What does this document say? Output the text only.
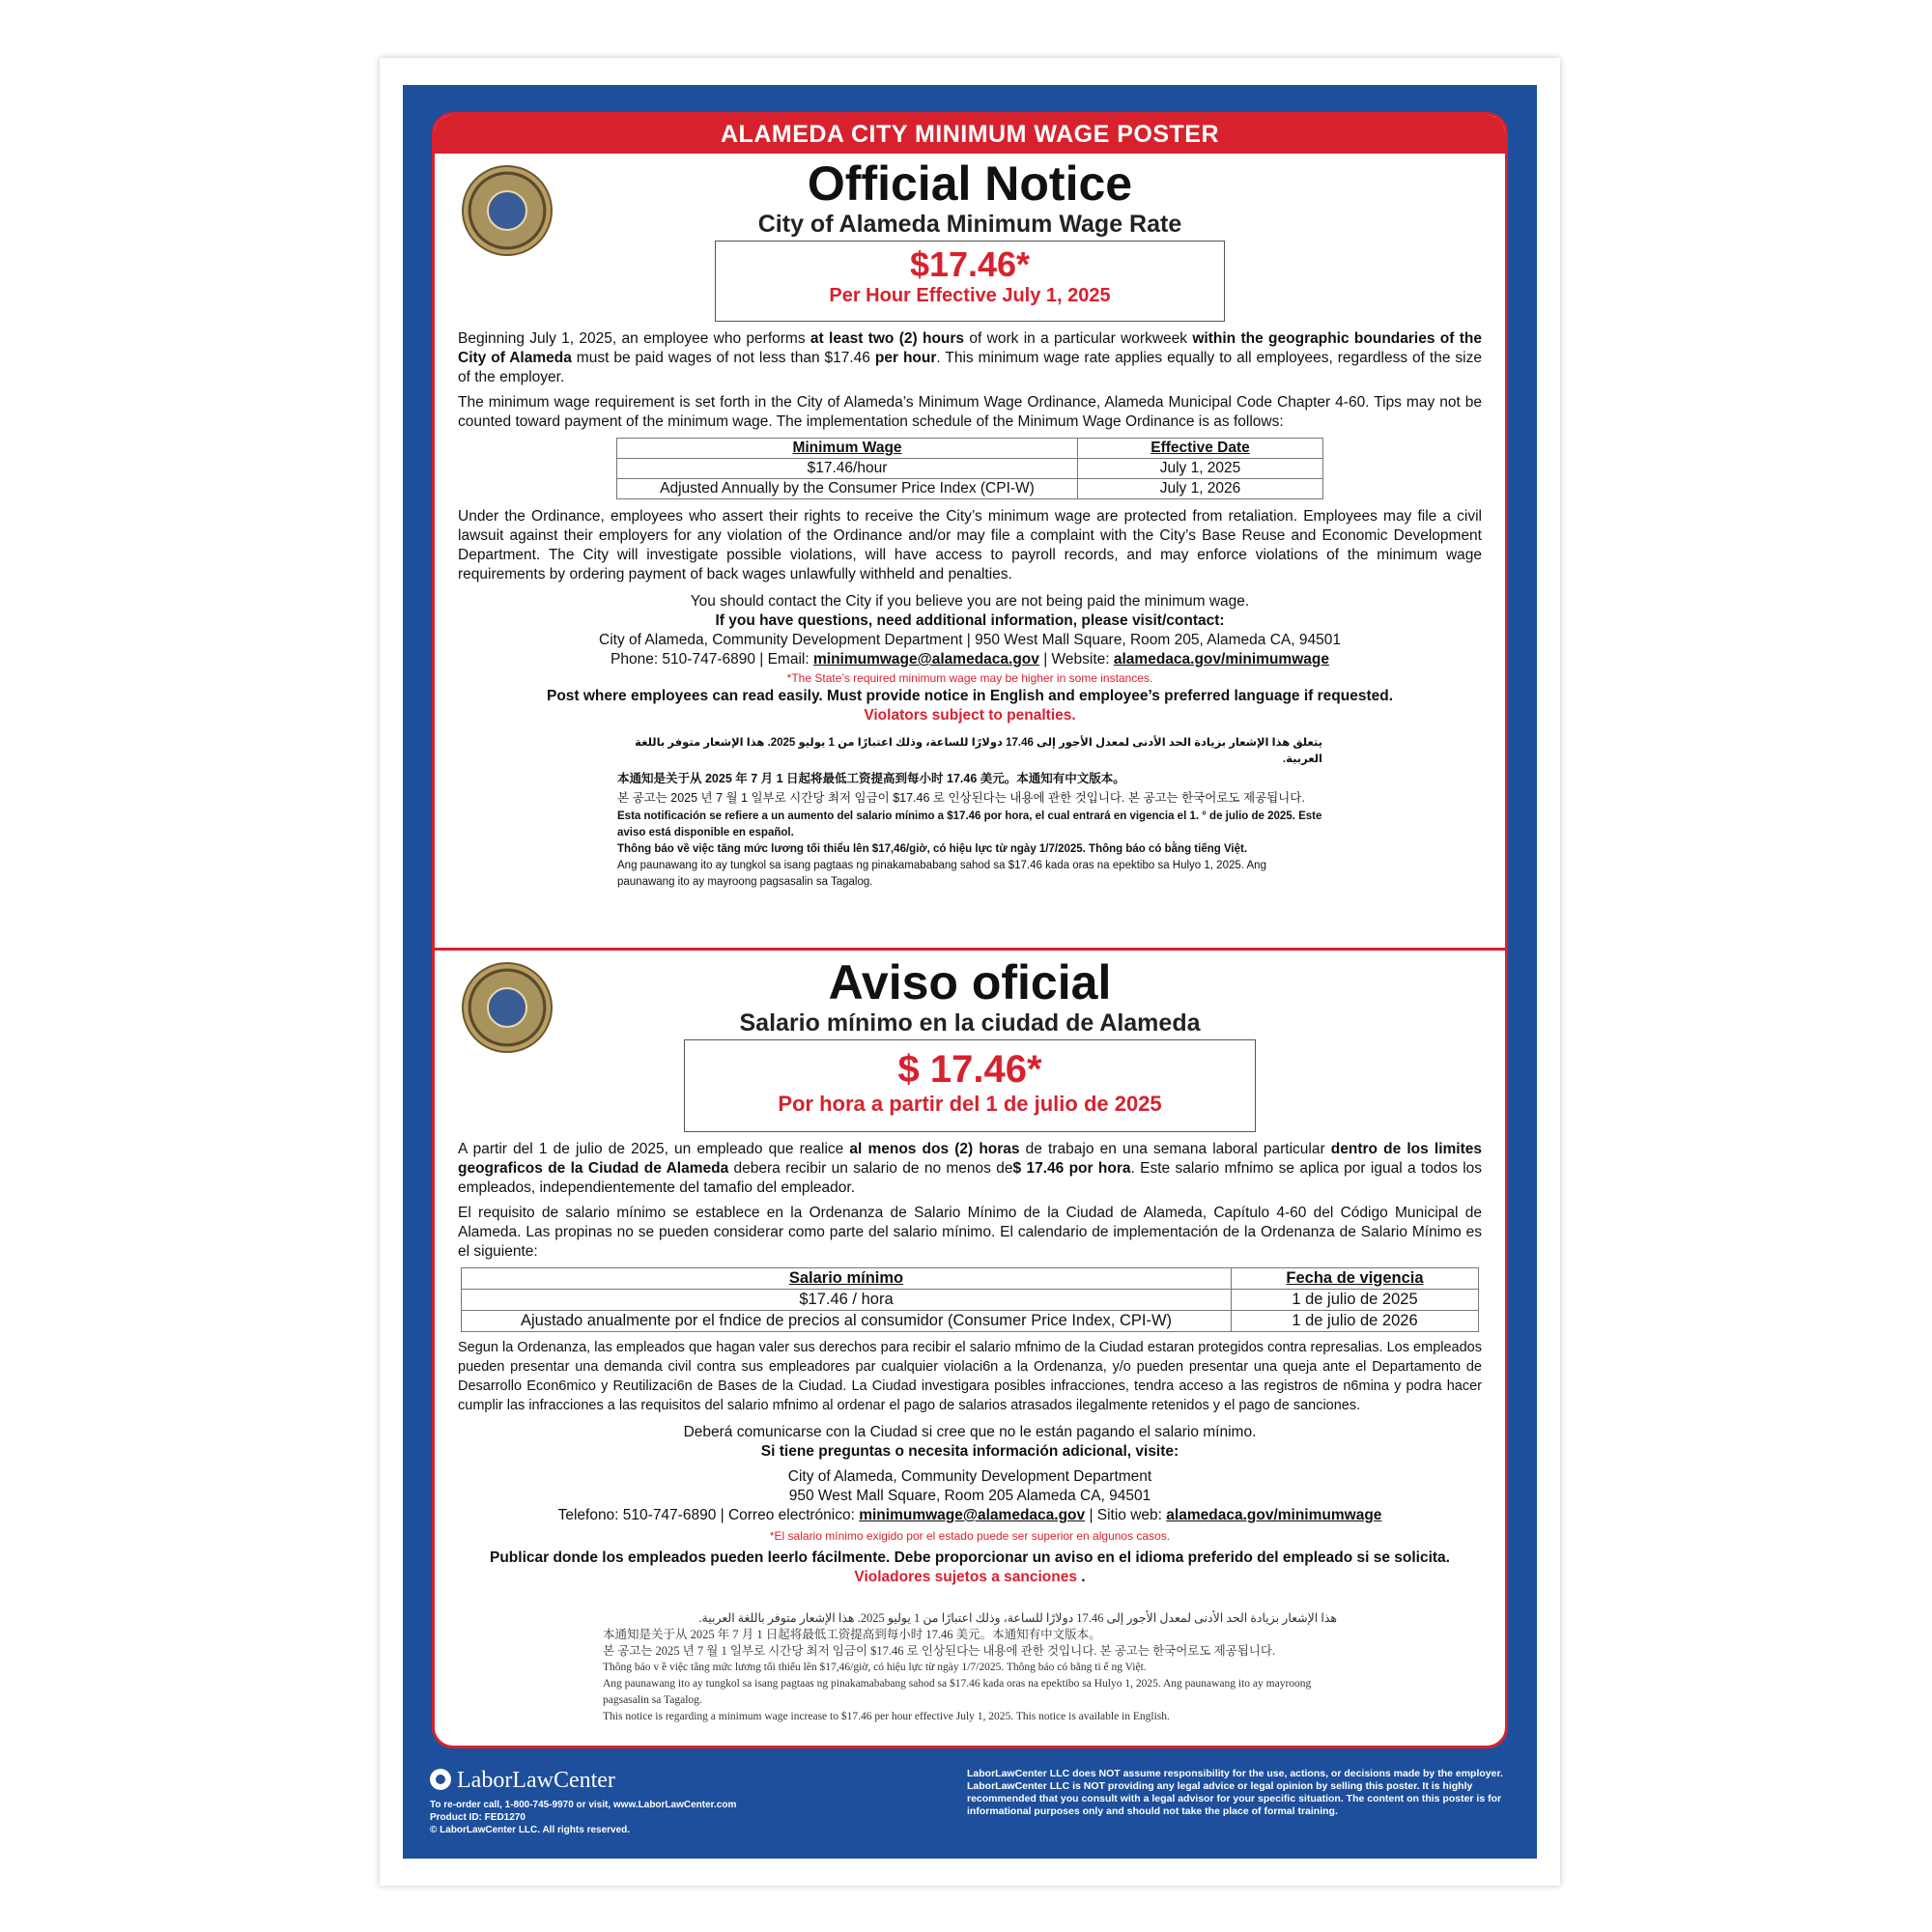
ALAMEDA CITY MINIMUM WAGE POSTER
Official Notice
City of Alameda Minimum Wage Rate
$17.46*
Per Hour Effective July 1, 2025

Beginning July 1, 2025, an employee who performs at least two (2) hours of work in a particular workweek within the geographic boundaries of the City of Alameda must be paid wages of not less than $17.46 per hour. This minimum wage rate applies equally to all employees, regardless of the size of the employer.

The minimum wage requirement is set forth in the City of Alameda’s Minimum Wage Ordinance, Alameda Municipal Code Chapter 4-60. Tips may not be counted toward payment of the minimum wage. The implementation schedule of the Minimum Wage Ordinance is as follows:

Minimum Wage	Effective Date
$17.46/hour	July 1, 2025
Adjusted Annually by the Consumer Price Index (CPI-W)	July 1, 2026

Under the Ordinance, employees who assert their rights to receive the City’s minimum wage are protected from retaliation. Employees may file a civil lawsuit against their employers for any violation of the Ordinance and/or may file a complaint with the City’s Base Reuse and Economic Development Department. The City will investigate possible violations, will have access to payroll records, and may enforce violations of the minimum wage requirements by ordering payment of back wages unlawfully withheld and penalties.

You should contact the City if you believe you are not being paid the minimum wage.

If you have questions, need additional information, please visit/contact:

City of Alameda, Community Development Department | 950 West Mall Square, Room 205, Alameda CA, 94501

Phone: 510-747-6890 | Email: minimumwage@alamedaca.gov | Website: alamedaca.gov/minimumwage

*The State’s required minimum wage may be higher in some instances.

Post where employees can read easily. Must provide notice in English and employee’s preferred language if requested.

Violators subject to penalties.

يتعلق هذا الإشعار بزيادة الحد الأدنى لمعدل الأجور إلى 17.46 دولارًا للساعة، وذلك اعتبارًا من 1 يوليو 2025. هذا الإشعار متوفر باللغة العربية.
本通知是关于从 2025 年 7 月 1 日起将最低工资提高到每小时 17.46 美元。本通知有中文版本。
본 공고는 2025 년 7 월 1 일부로 시간당 최저 임금이 $17.46 로 인상된다는 내용에 관한 것입니다. 본 공고는 한국어로도 제공됩니다.
Esta notificación se refiere a un aumento del salario mínimo a $17.46 por hora, el cual entrará en vigencia el 1. ° de julio de 2025. Este aviso está disponible en español.
Thông báo về việc tăng mức lương tối thiểu lên $17,46/giờ, có hiệu lực từ ngày 1/7/2025. Thông báo có bằng tiếng Việt.
Ang paunawang ito ay tungkol sa isang pagtaas ng pinakamababang sahod sa $17.46 kada oras na epektibo sa Hulyo 1, 2025. Ang paunawang ito ay mayroong pagsasalin sa Tagalog.
Aviso oficial
Salario mínimo en la ciudad de Alameda
$ 17.46*
Por hora a partir del 1 de julio de 2025

A partir del 1 de julio de 2025, un empleado que realice al menos dos (2) horas de trabajo en una semana laboral particular dentro de los limites geograficos de la Ciudad de Alameda debera recibir un salario de no menos de$ 17.46 por hora. Este salario mfnimo se aplica por igual a todos los empleados, independientemente del tamafio del empleador.

El requisito de salario mínimo se establece en la Ordenanza de Salario Mínimo de la Ciudad de Alameda, Capítulo 4-60 del Código Municipal de Alameda. Las propinas no se pueden considerar como parte del salario mínimo. El calendario de implementación de la Ordenanza de Salario Mínimo es el siguiente:

Salario mínimo	Fecha de vigencia
$17.46 / hora	1 de julio de 2025
Ajustado anualmente por el fndice de precios al consumidor (Consumer Price Index, CPI-W)	1 de julio de 2026

Segun la Ordenanza, las empleados que hagan valer sus derechos para recibir el salario mfnimo de la Ciudad estaran protegidos contra represalias. Los empleados pueden presentar una demanda civil contra sus empleadores par cualquier violaci6n a la Ordenanza, y/o pueden presentar una queja ante el Departamento de Desarrollo Econ6mico y Reutilizaci6n de Bases de la Ciudad. La Ciudad investigara posibles infracciones, tendra acceso a las registros de n6mina y podra hacer cumplir las infracciones a las requisitos del salario mfnimo al ordenar el pago de salarios atrasados ilegalmente retenidos y el pago de sanciones.

Deberá comunicarse con la Ciudad si cree que no le están pagando el salario mínimo.

Si tiene preguntas o necesita información adicional, visite:

City of Alameda, Community Development Department

950 West Mall Square, Room 205 Alameda CA, 94501

Telefono: 510-747-6890 | Correo electrónico: minimumwage@alamedaca.gov | Sitio web: alamedaca.gov/minimumwage

*El salario mínimo exigido por el estado puede ser superior en algunos casos.

Publicar donde los empleados pueden leerlo fácilmente. Debe proporcionar un aviso en el idioma preferido del empleado si se solicita.

Violadores sujetos a sanciones .

هذا الإشعار بزيادة الحد الأدنى لمعدل الأجور إلى 17.46 دولارًا للساعة، وذلك اعتبارًا من 1 يوليو 2025. هذا الإشعار متوفر باللغة العربية.
本通知是关于从 2025 年 7 月 1 日起将最低工资提高到每小时 17.46 美元。本通知有中文版本。
본 공고는 2025 년 7 월 1 일부로 시간당 최저 임금이 $17.46 로 인상된다는 내용에 관한 것입니다. 본 공고는 한국어로도 제공됩니다.
Thông báo v ề việc tăng mức lương tối thiểu lên $17,46/giờ, có hiệu lực từ ngày 1/7/2025. Thông báo có bằng ti ế ng Việt.
Ang paunawang ito ay tungkol sa isang pagtaas ng pinakamababang sahod sa $17.46 kada oras na epektibo sa Hulyo 1, 2025. Ang paunawang ito ay mayroong pagsasalin sa Tagalog.
This notice is regarding a minimum wage increase to $17.46 per hour effective July 1, 2025. This notice is available in English.
LaborLawCenter
To re-order call, 1-800-745-9970 or visit, www.LaborLawCenter.com
Product ID: FED1270
© LaborLawCenter LLC. All rights reserved.
LaborLawCenter LLC does NOT assume responsibility for the use, actions, or decisions made by the employer. LaborLawCenter LLC is NOT providing any legal advice or legal opinion by selling this poster. It is highly recommended that you consult with a legal advisor for your specific situation. The content on this poster is for informational purposes only and should not take the place of formal training.
